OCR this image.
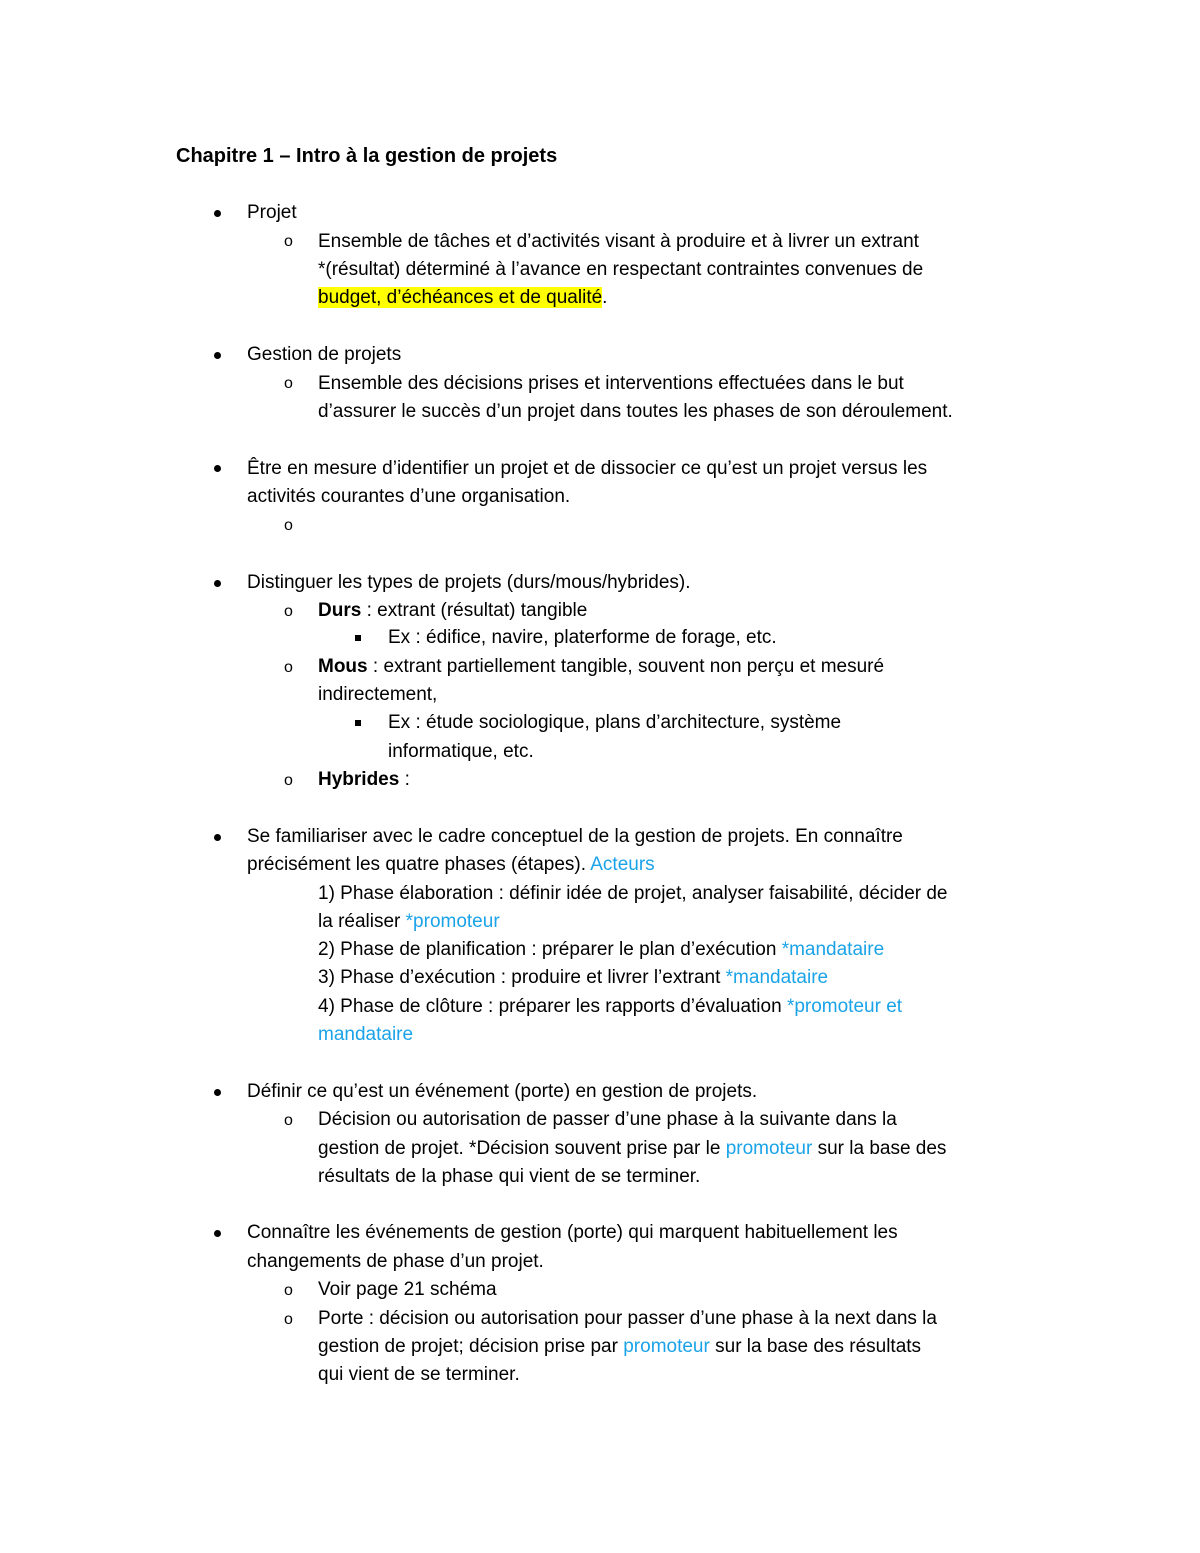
Chapitre 1 – Intro à la gestion de projets
Projet
o Ensemble de tâches et d’activités visant à produire et à livrer un extrant
*(résultat) déterminé à l’avance en respectant contraintes convenues de
budget, d’échéances et de qualité.
Gestion de projets
o Ensemble des décisions prises et interventions effectuées dans le but
d’assurer le succès d’un projet dans toutes les phases de son déroulement.
Être en mesure d’identifier un projet et de dissocier ce qu’est un projet versus les
activités courantes d’une organisation.
o
Distinguer les types de projets (durs/mous/hybrides).
o Durs : extrant (résultat) tangible
Ex : édifice, navire, platerforme de forage, etc.
o Mous : extrant partiellement tangible, souvent non perçu et mesuré
indirectement,
Ex : étude sociologique, plans d’architecture, système
informatique, etc.
o Hybrides :
Se familiariser avec le cadre conceptuel de la gestion de projets. En connaître
précisément les quatre phases (étapes). Acteurs
1) Phase élaboration : définir idée de projet, analyser faisabilité, décider de
la réaliser *promoteur
2) Phase de planification : préparer le plan d’exécution *mandataire
3) Phase d’exécution : produire et livrer l’extrant *mandataire
4) Phase de clôture : préparer les rapports d’évaluation *promoteur et
mandataire
Définir ce qu’est un événement (porte) en gestion de projets.
o Décision ou autorisation de passer d’une phase à la suivante dans la
gestion de projet. *Décision souvent prise par le promoteur sur la base des
résultats de la phase qui vient de se terminer.
Connaître les événements de gestion (porte) qui marquent habituellement les
changements de phase d’un projet.
o Voir page 21 schéma
o Porte : décision ou autorisation pour passer d’une phase à la next dans la
gestion de projet; décision prise par promoteur sur la base des résultats
qui vient de se terminer.
